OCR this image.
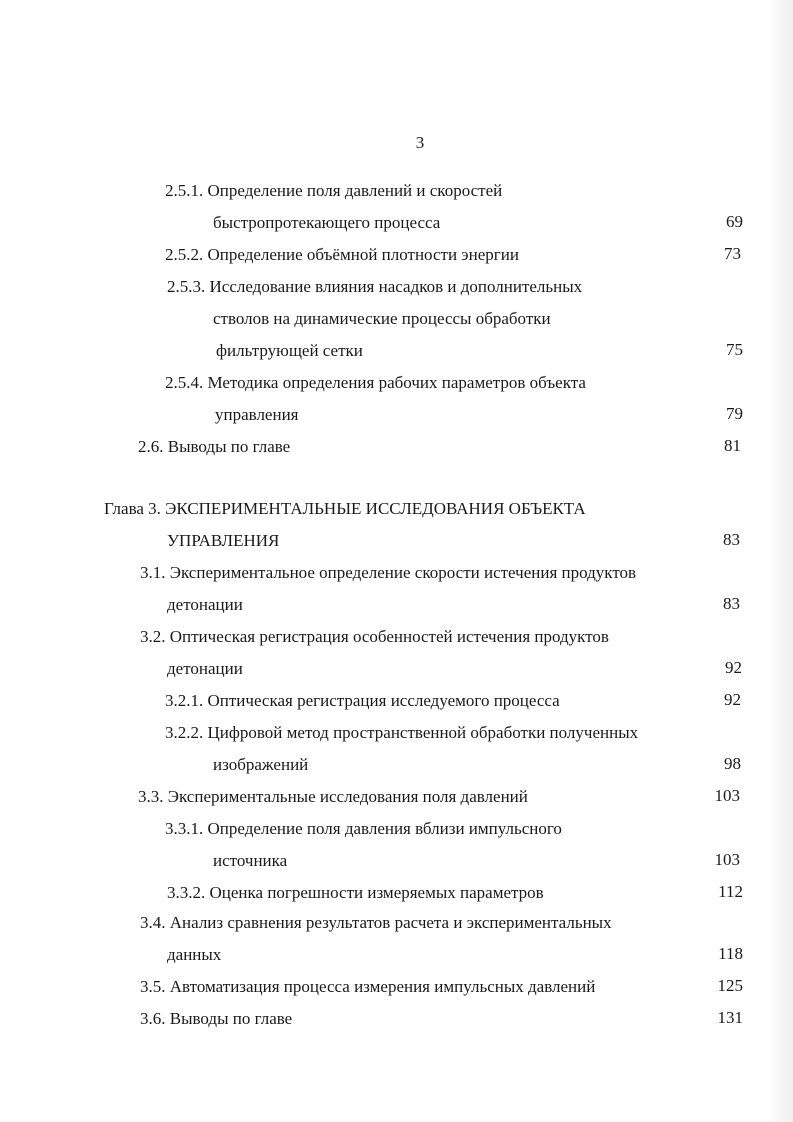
3
2.5.1. Определение поля давлений и скоростей
быстропротекающего процесса	69
2.5.2. Определение объёмной плотности энергии	73
2.5.3. Исследование влияния насадков и дополнительных
стволов на динамические процессы обработки
фильтрующей сетки	75
2.5.4. Методика определения рабочих параметров объекта
управления	79
2.6. Выводы по главе	81
Глава 3. ЭКСПЕРИМЕНТАЛЬНЫЕ ИССЛЕДОВАНИЯ ОБЪЕКТА
УПРАВЛЕНИЯ	83
3.1. Экспериментальное определение скорости истечения продуктов
детонации	83
3.2. Оптическая регистрация особенностей истечения продуктов
детонации	92
3.2.1. Оптическая регистрация исследуемого процесса	92
3.2.2. Цифровой метод пространственной обработки полученных
изображений	98
3.3. Экспериментальные исследования поля давлений	103
3.3.1. Определение поля давления вблизи импульсного
источника	103
3.3.2. Оценка погрешности измеряемых параметров	112
3.4. Анализ сравнения результатов расчета и экспериментальных
данных	118
3.5. Автоматизация процесса измерения импульсных давлений	125
3.6. Выводы по главе	131
